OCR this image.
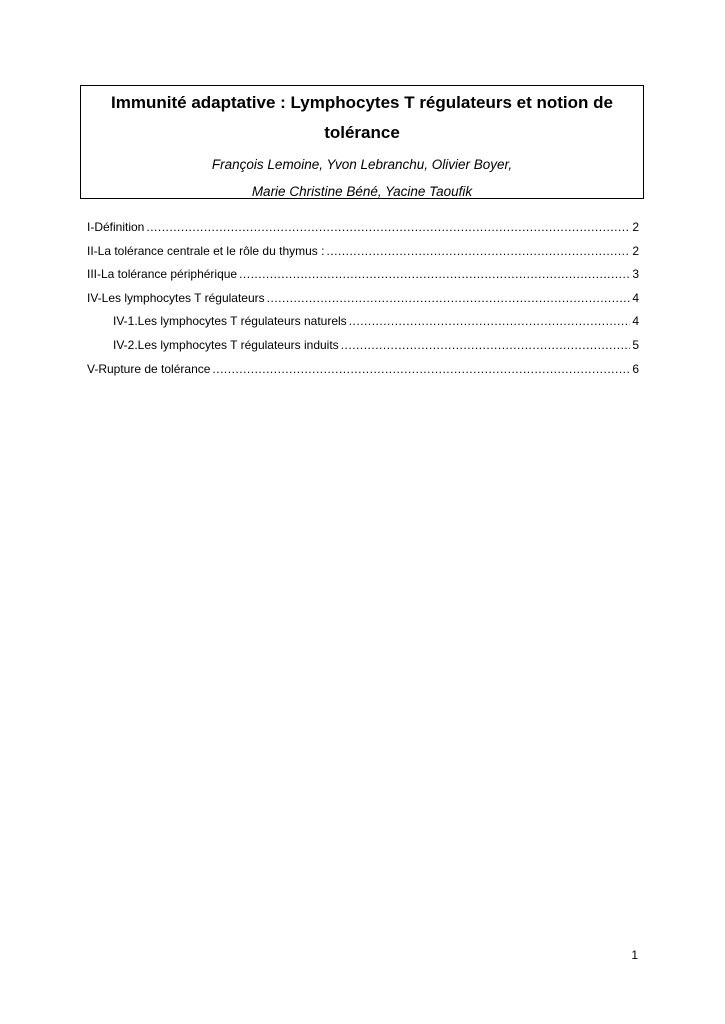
Immunité adaptative : Lymphocytes T régulateurs et notion de tolérance

François Lemoine, Yvon Lebranchu, Olivier Boyer,

Marie Christine Béné, Yacine Taoufik

I-Définition .....	2
II-La tolérance centrale et le rôle du thymus : .....	2
III-La tolérance périphérique .....	3
IV-Les lymphocytes T régulateurs .....	4
IV-1.Les lymphocytes T régulateurs naturels .....	4
IV-2.Les lymphocytes T régulateurs induits .....	5
V-Rupture de tolérance .....	6
1
